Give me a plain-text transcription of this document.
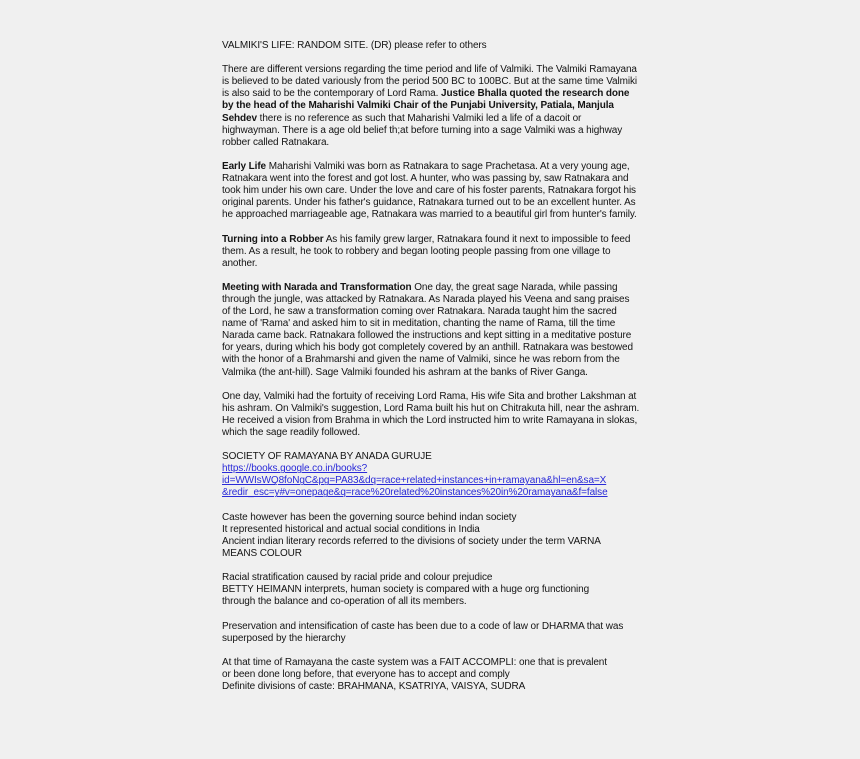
VALMIKI'S LIFE: RANDOM SITE. (DR) please refer to others

There are different versions regarding the time period and life of Valmiki. The Valmiki Ramayana is believed to be dated variously from the period 500 BC to 100BC. But at the same time Valmiki is also said to be the contemporary of Lord Rama. Justice Bhalla quoted the research done by the head of the Maharishi Valmiki Chair of the Punjabi University, Patiala, Manjula Sehdev there is no reference as such that Maharishi Valmiki led a life of a dacoit or highwayman. There is a age old belief th;at before turning into a sage Valmiki was a highway robber called Ratnakara.

Early Life Maharishi Valmiki was born as Ratnakara to sage Prachetasa. At a very young age, Ratnakara went into the forest and got lost. A hunter, who was passing by, saw Ratnakara and took him under his own care. Under the love and care of his foster parents, Ratnakara forgot his original parents. Under his father's guidance, Ratnakara turned out to be an excellent hunter. As he approached marriageable age, Ratnakara was married to a beautiful girl from hunter's family.

Turning into a Robber As his family grew larger, Ratnakara found it next to impossible to feed them. As a result, he took to robbery and began looting people passing from one village to another.

Meeting with Narada and Transformation One day, the great sage Narada, while passing through the jungle, was attacked by Ratnakara. As Narada played his Veena and sang praises of the Lord, he saw a transformation coming over Ratnakara. Narada taught him the sacred name of 'Rama' and asked him to sit in meditation, chanting the name of Rama, till the time Narada came back. Ratnakara followed the instructions and kept sitting in a meditative posture for years, during which his body got completely covered by an anthill. Ratnakara was bestowed with the honor of a Brahmarshi and given the name of Valmiki, since he was reborn from the Valmika (the ant-hill). Sage Valmiki founded his ashram at the banks of River Ganga.

One day, Valmiki had the fortuity of receiving Lord Rama, His wife Sita and brother Lakshman at his ashram. On Valmiki's suggestion, Lord Rama built his hut on Chitrakuta hill, near the ashram. He received a vision from Brahma in which the Lord instructed him to write Ramayana in slokas, which the sage readily followed.

SOCIETY OF RAMAYANA BY ANADA GURUJE
https://books.google.co.in/books?
id=WWIsWQ8foNgC&pg=PA83&dq=race+related+instances+in+ramayana&hl=en&sa=X
&redir_esc=y#v=onepage&q=race%20related%20instances%20in%20ramayana&f=false

Caste however has been the governing source behind indan society
It represented historical and actual social conditions in India
Ancient indian literary records referred to the divisions of society under the term VARNA
MEANS COLOUR

Racial stratification caused by racial pride and colour prejudice
BETTY HEIMANN interprets, human society is compared with a huge org functioning
through the balance and co-operation of all its members.

Preservation and intensification of caste has been due to a code of law or DHARMA that was superposed by the hierarchy

At that time of Ramayana the caste system was a FAIT ACCOMPLI: one that is prevalent
or been done long before, that everyone has to accept and comply
Definite divisions of caste: BRAHMANA, KSATRIYA, VAISYA, SUDRA
